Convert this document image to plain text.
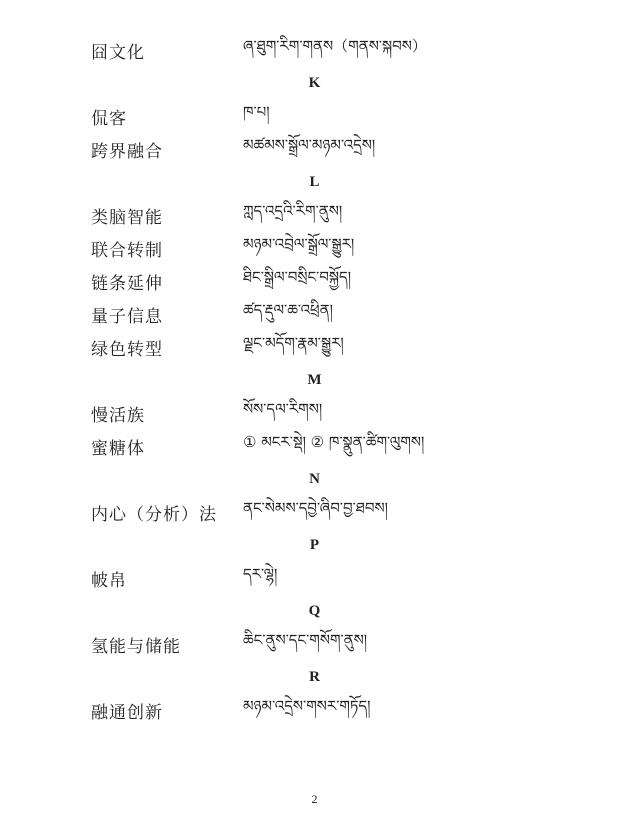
囧文化	ཞ་ཐུག་རིག་གནས（གནས་སྐབས）
K
侃客	ཁ་པ།
跨界融合	མཚམས་སྒྲོལ་མཉམ་འདྲེས།
L
类脑智能	ཀླད་འདྲའི་རིག་ནུས།
联合转制	མཉམ་འབྲེལ་སྒྲོལ་སྒྱུར།
链条延伸	ཐིང་སྒྲིལ་བསྲིང་བསྐྱོད།
量子信息	ཚད་རྡུལ་ཆ་འཕྲིན།
绿色转型	ལྗང་མདོག་རྣམ་སྒྱུར།
M
慢活族	སོས་དལ་རིགས།
蜜糖体	① མངར་སྡེ། ② ཁ་སྣུན་ཚིག་ལུགས།
N
内心（分析）法 ནང་སེམས་དབྱེ་ཞིབ་བྱ་ཐབས།
P
帔帛	དར་ལྷེ།
Q
氢能与储能	ཆིང་ནུས་དང་གསོག་ནུས།
R
融通创新	མཉམ་འདྲེས་གསར་གཏོད།
2
